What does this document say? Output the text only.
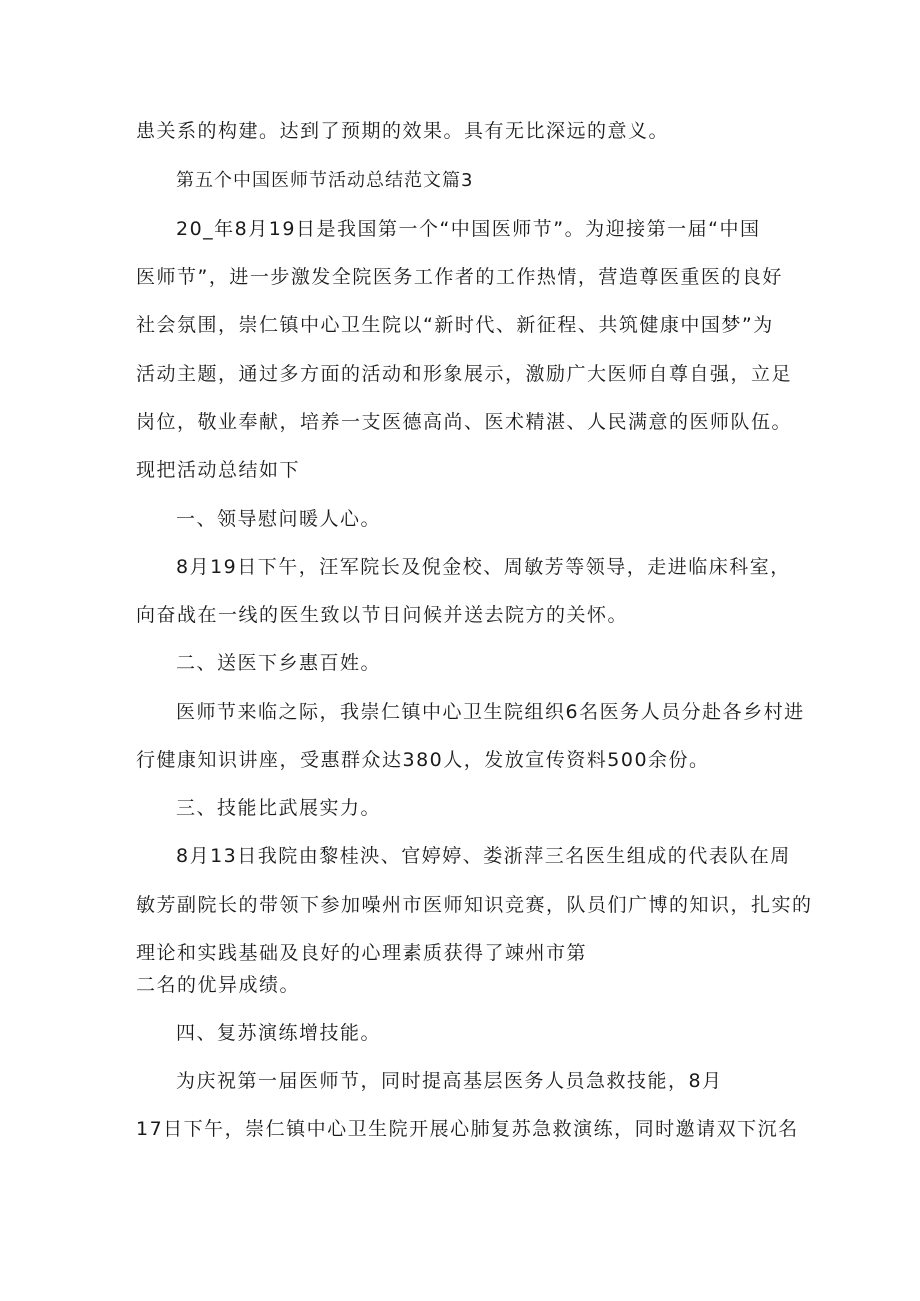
患关系的构建。达到了预期的效果。具有无比深远的意义。

第五个中国医师节活动总结范文篇3

20_年8月19日是我国第一个“中国医师节”。为迎接第一届“中国

医师节”，进一步激发全院医务工作者的工作热情，营造尊医重医的良好

社会氛围，崇仁镇中心卫生院以“新时代、新征程、共筑健康中国梦”为

活动主题，通过多方面的活动和形象展示，激励广大医师自尊自强，立足

岗位，敬业奉献，培养一支医德高尚、医术精湛、人民满意的医师队伍。

现把活动总结如下

一、领导慰问暖人心。

8月19日下午，汪军院长及倪金校、周敏芳等领导，走进临床科室，

向奋战在一线的医生致以节日问候并送去院方的关怀。

二、送医下乡惠百姓。

医师节来临之际，我崇仁镇中心卫生院组织6名医务人员分赴各乡村进

行健康知识讲座，受惠群众达380人，发放宣传资料500余份。

三、技能比武展实力。

8月13日我院由黎桂泱、官婷婷、娄浙萍三名医生组成的代表队在周

敏芳副院长的带领下参加噪州市医师知识竞赛，队员们广博的知识，扎实的

理论和实践基础及良好的心理素质获得了竦州市第

二名的优异成绩。

四、复苏演练增技能。

为庆祝第一届医师节，同时提高基层医务人员急救技能，8月

17日下午，崇仁镇中心卫生院开展心肺复苏急救演练，同时邀请双下沉名
